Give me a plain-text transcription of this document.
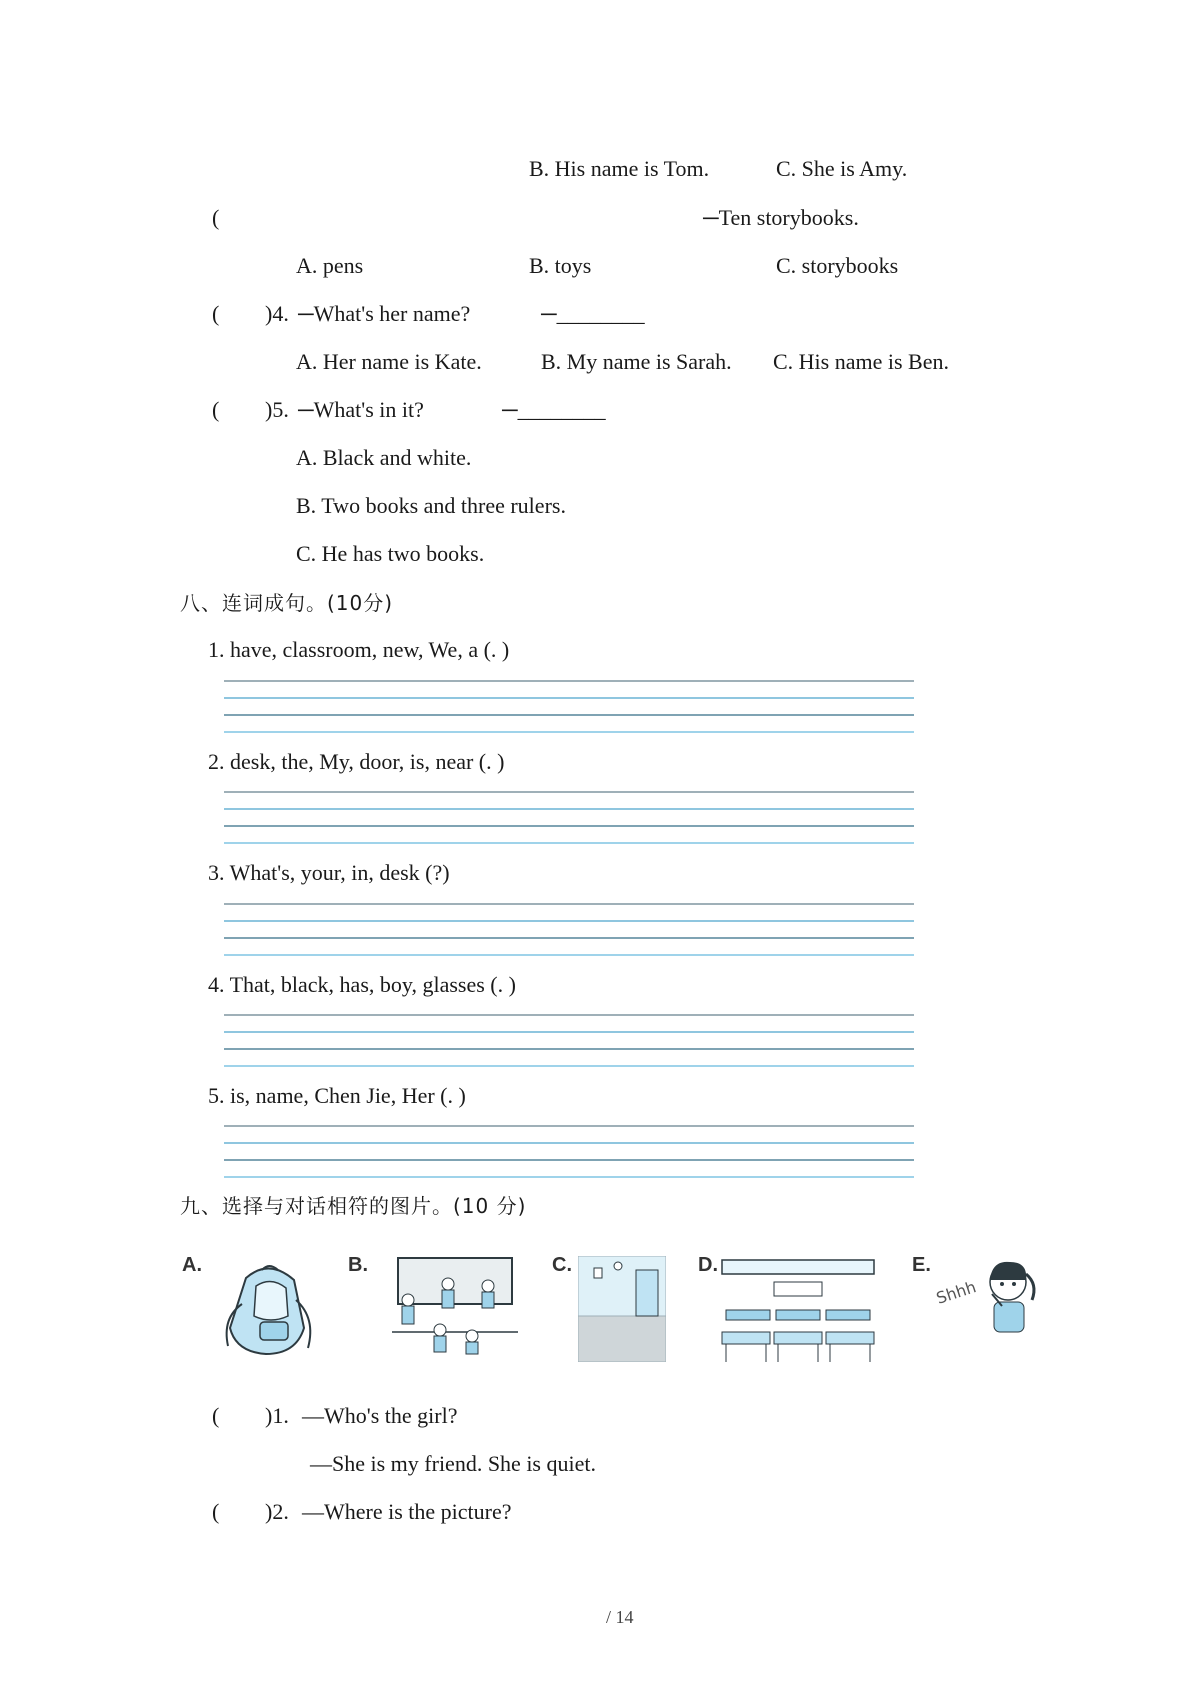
B. His name is Tom.	C. She is Amy.
(	─Ten storybooks.
A. pens	B. toys	C. storybooks
( )4. ─What's her name?	─________
A. Her name is Kate.	B. My name is Sarah. C. His name is Ben.
( )5. ─What's in it?	─________
A. Black and white.
B. Two books and three rulers.
C. He has two books.
八、连词成句。(10分)
1. have, classroom, new, We, a (. )
2. desk, the, My, door, is, near (. )
3. What's, your, in, desk (?)
4. That, black, has, boy, glasses (. )
5. is, name, Chen Jie, Her (. )
九、选择与对话相符的图片。(10 分)
A.	B.	C.	D.	E.
Shhh
( )1. —Who's the girl?
—She is my friend. She is quiet.
( )2. —Where is the picture?
/ 14
